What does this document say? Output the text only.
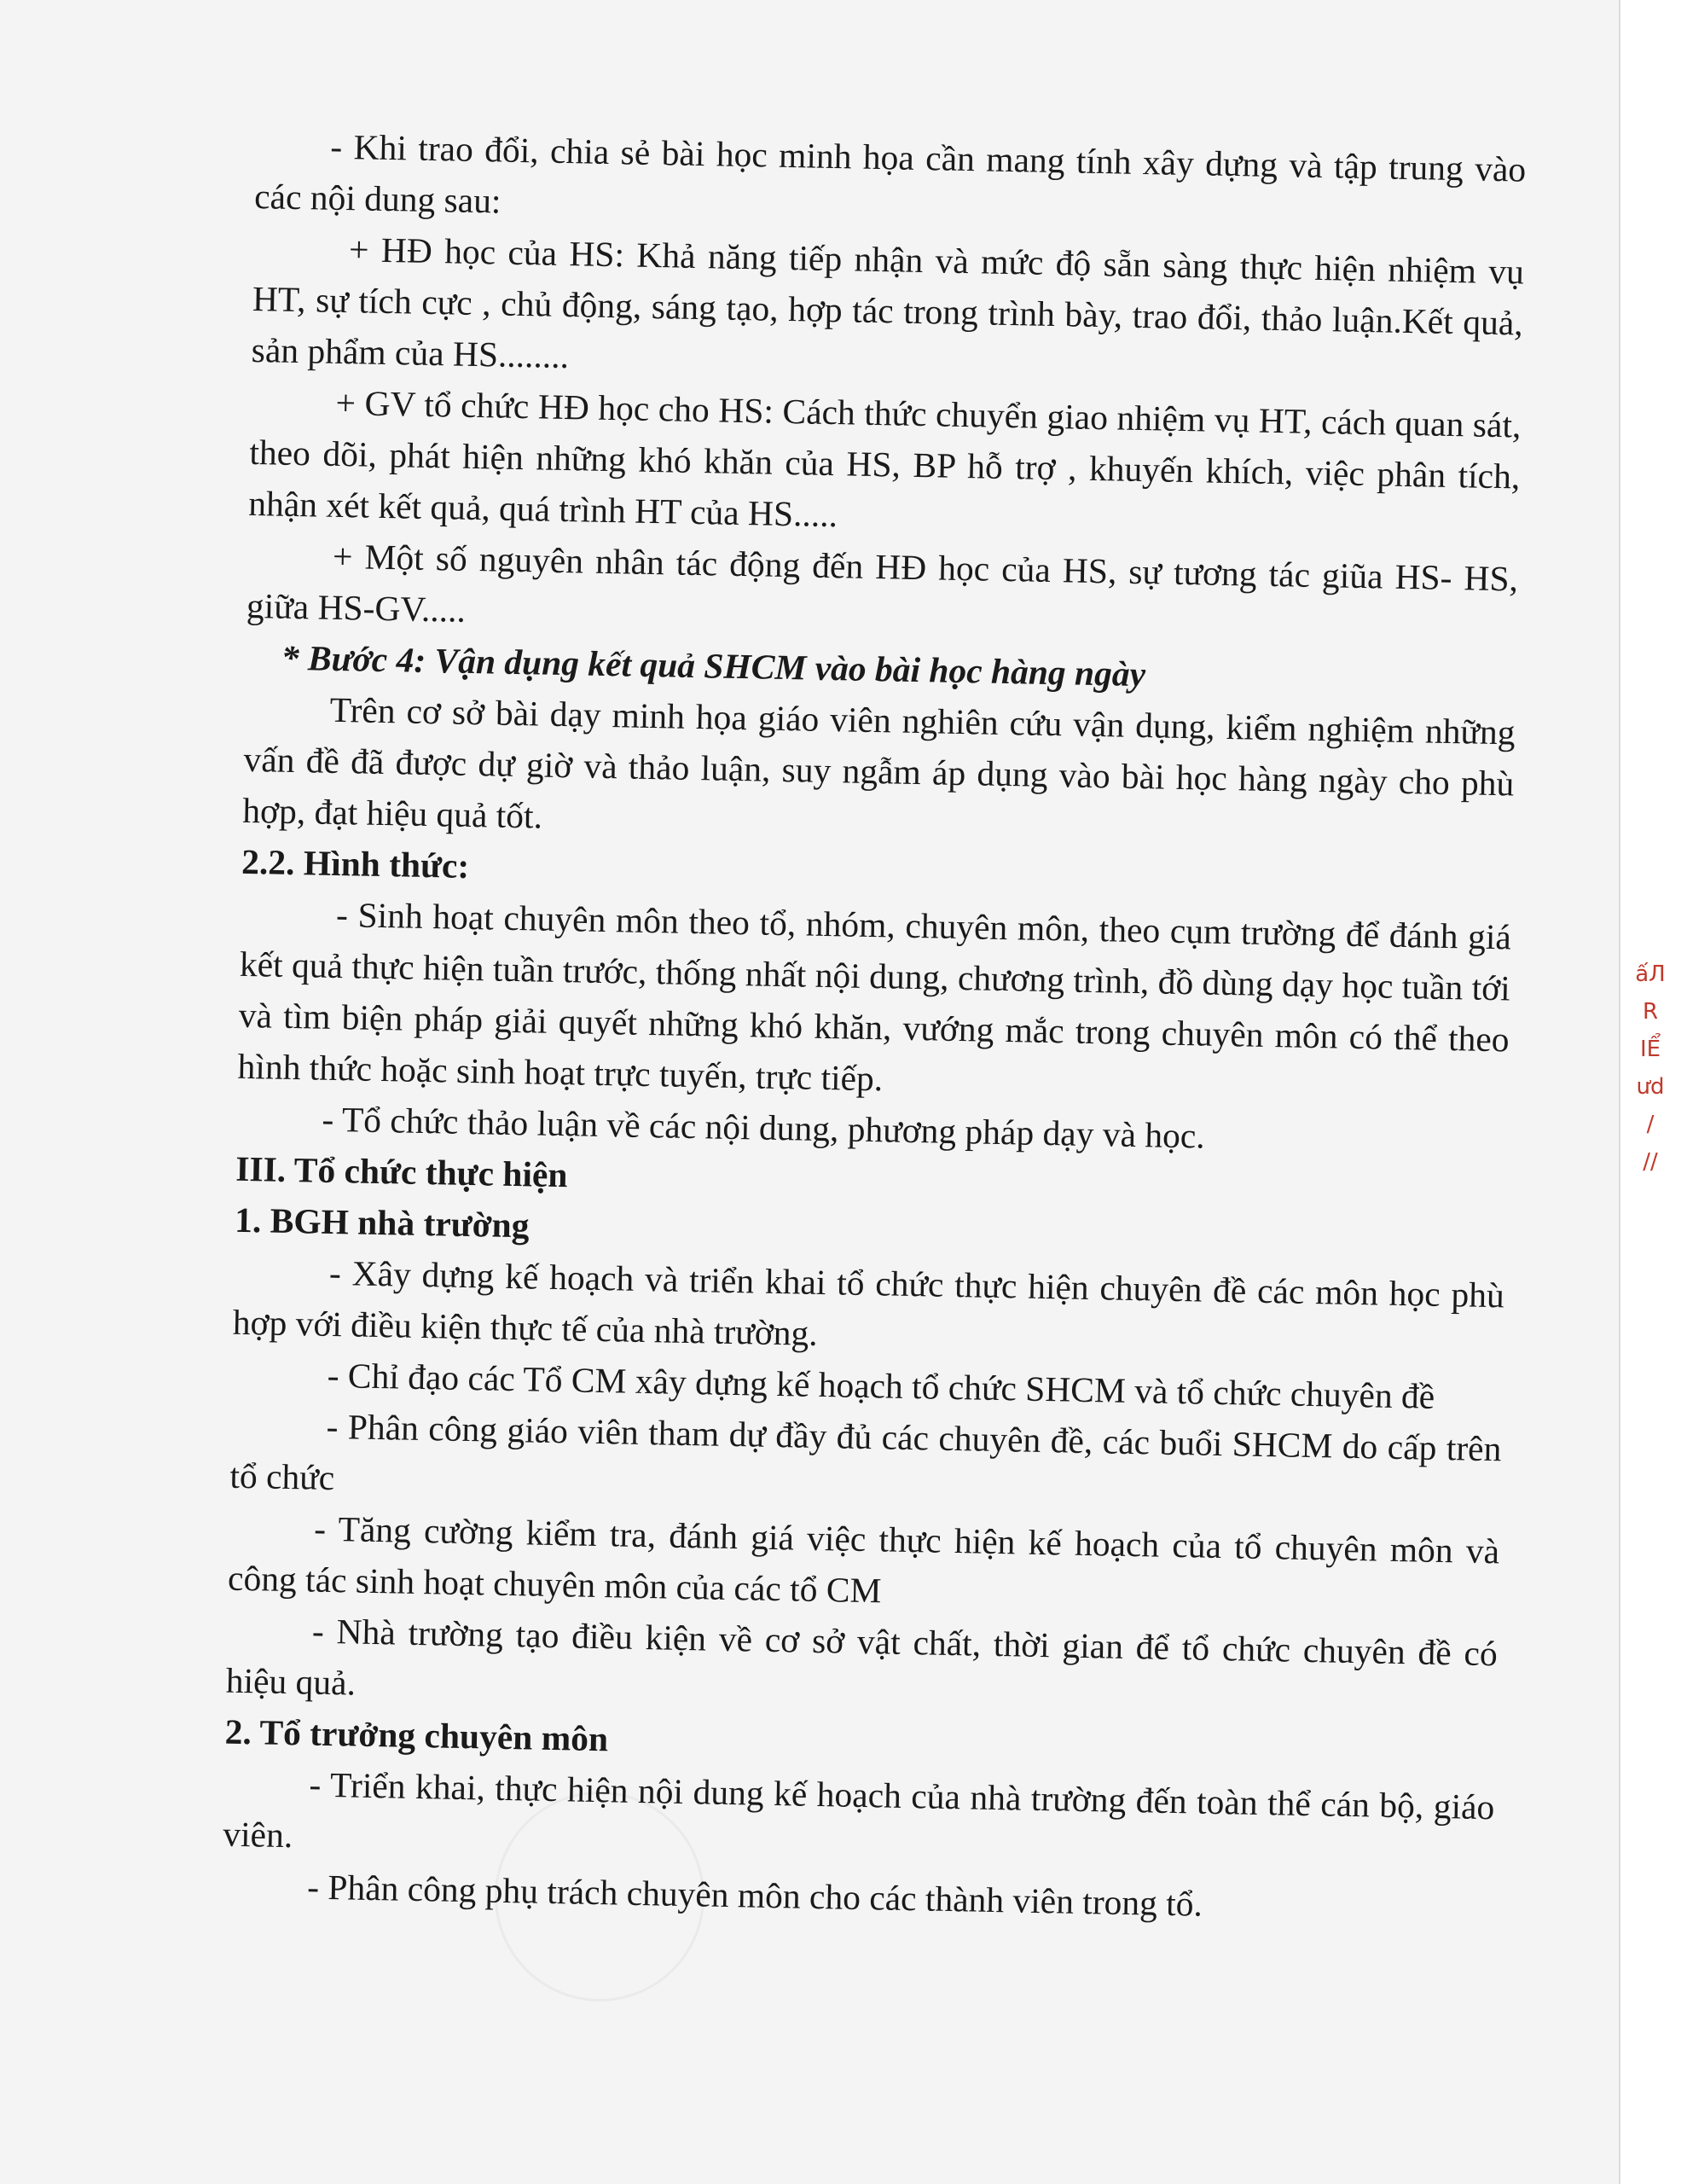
- Khi trao đổi, chia sẻ bài học minh họa cần mang tính xây dựng và tập trung vào các nội dung sau:

+ HĐ học của HS: Khả năng tiếp nhận và mức độ sẵn sàng thực hiện nhiệm vụ HT, sự tích cực , chủ động, sáng tạo, hợp tác trong trình bày, trao đổi, thảo luận.Kết quả, sản phẩm của HS........

+ GV tổ chức HĐ học cho HS: Cách thức chuyển giao nhiệm vụ HT, cách quan sát, theo dõi, phát hiện những khó khăn của HS, BP hỗ trợ , khuyến khích, việc phân tích, nhận xét kết quả, quá trình HT của HS.....

+ Một số nguyên nhân tác động đến HĐ học của HS, sự tương tác giũa HS- HS, giữa HS-GV.....

* Bước 4: Vận dụng kết quả SHCM vào bài học hàng ngày

Trên cơ sở bài dạy minh họa giáo viên nghiên cứu vận dụng, kiểm nghiệm những vấn đề đã được dự giờ và thảo luận, suy ngẫm áp dụng vào bài học hàng ngày cho phù hợp, đạt hiệu quả tốt.

2.2. Hình thức:

- Sinh hoạt chuyên môn theo tổ, nhóm, chuyên môn, theo cụm trường để đánh giá kết quả thực hiện tuần trước, thống nhất nội dung, chương trình, đồ dùng dạy học tuần tới và tìm biện pháp giải quyết những khó khăn, vướng mắc trong chuyên môn có thể theo hình thức hoặc sinh hoạt trực tuyến, trực tiếp.

- Tổ chức thảo luận về các nội dung, phương pháp dạy và học.

III. Tổ chức thực hiện

1. BGH nhà trường

- Xây dựng kế hoạch và triển khai tổ chức thực hiện chuyên đề các môn học phù hợp với điều kiện thực tế của nhà trường.

- Chỉ đạo các Tổ CM xây dựng kế hoạch tổ chức SHCM và tổ chức chuyên đề

- Phân công giáo viên tham dự đầy đủ các chuyên đề, các buổi SHCM do cấp trên tổ chức

- Tăng cường kiểm tra, đánh giá việc thực hiện kế hoạch của tổ chuyên môn và công tác sinh hoạt chuyên môn của các tổ CM

- Nhà trường tạo điều kiện về cơ sở vật chất, thời gian để tổ chức chuyên đề có hiệu quả.

2. Tổ trưởng chuyên môn

- Triển khai, thực hiện nội dung kế hoạch của nhà trường đến toàn thể cán bộ, giáo viên.

- Phân công phụ trách chuyên môn cho các thành viên trong tổ.

ấЛ
R
IỂ
ưd
/
//
